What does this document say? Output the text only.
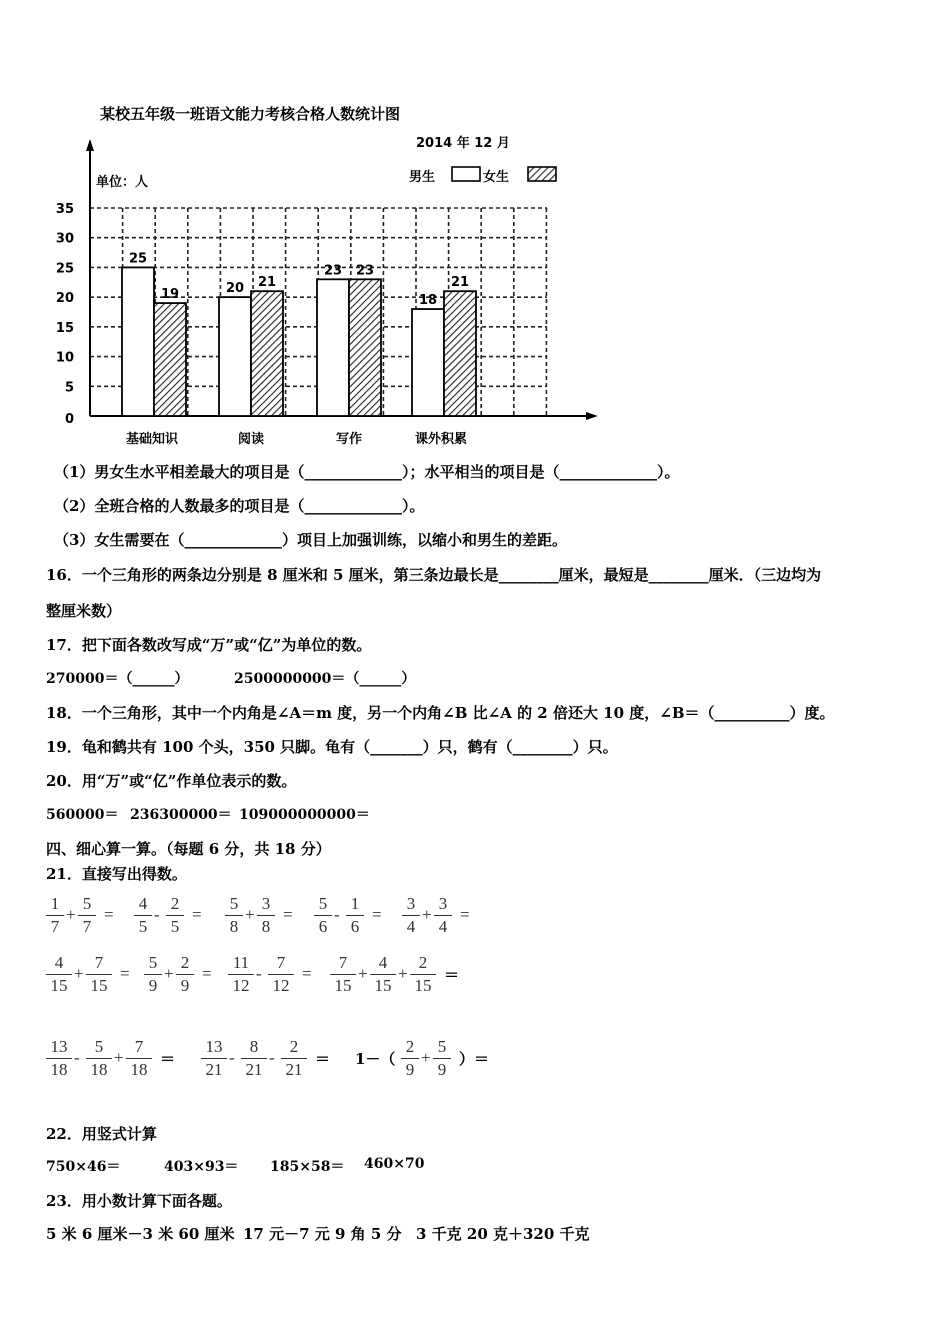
某校五年级一班语文能力考核合格人数统计图
2014 年 12 月
单位：人	男生	女生
0
5
10
15
20
25
30
35
25
19	20 21
23 23
18
21
基础知识	阅读	写作	课外积累
（1）男女生水平相差最大的项目是（_____________）；水平相当的项目是（_____________）。
（2）全班合格的人数最多的项目是（_____________）。
（3）女生需要在（_____________）项目上加强训练，以缩小和男生的差距。
16．一个三角形的两条边分别是 8 厘米和 5 厘米，第三条边最长是________厘米，最短是________厘米．（三边均为
整厘米数）
17．把下面各数改写成“万”或“亿”为单位的数。
270000＝（______）	2500000000＝（______）
18．一个三角形，其中一个内角是∠A＝m 度，另一个内角∠B 比∠A 的 2 倍还大 10 度，∠B＝（__________）度。
19．龟和鹤共有 100 个头，350 只脚。龟有（_______）只，鹤有（________）只。
20．用“万”或“亿”作单位表示的数。
560000＝ 236300000＝ 109000000000＝
四、细心算一算。（每题 6 分，共 18 分）
21．直接写出得数。
$\frac{1}{7} + \frac{5}{7} = \frac{4}{5} - \frac{2}{5} = \frac{5}{8} + \frac{3}{8} = \frac{5}{6} - \frac{1}{6} = \frac{3}{4} + \frac{3}{4}$ =
$\frac{4}{15} + \frac{7}{15} = \frac{5}{9} + \frac{2}{9} = \frac{11}{12} - \frac{7}{12} = \frac{7}{15} + \frac{4}{15} + \frac{2}{15}$ ＝
$\frac{13}{18} - \frac{5}{18} + \frac{7}{18} = \frac{13}{21} - \frac{8}{21} - \frac{2}{21} = 1-( \frac{2}{9} + \frac{5}{9}$ ）＝
22．用竖式计算
750×46＝	403×93＝ 185×58＝ 460×70
23．用小数计算下面各题。
5 米 6 厘米－3 米 60 厘米 17 元－7 元 9 角 5 分 3 千克 20 克＋320 千克
